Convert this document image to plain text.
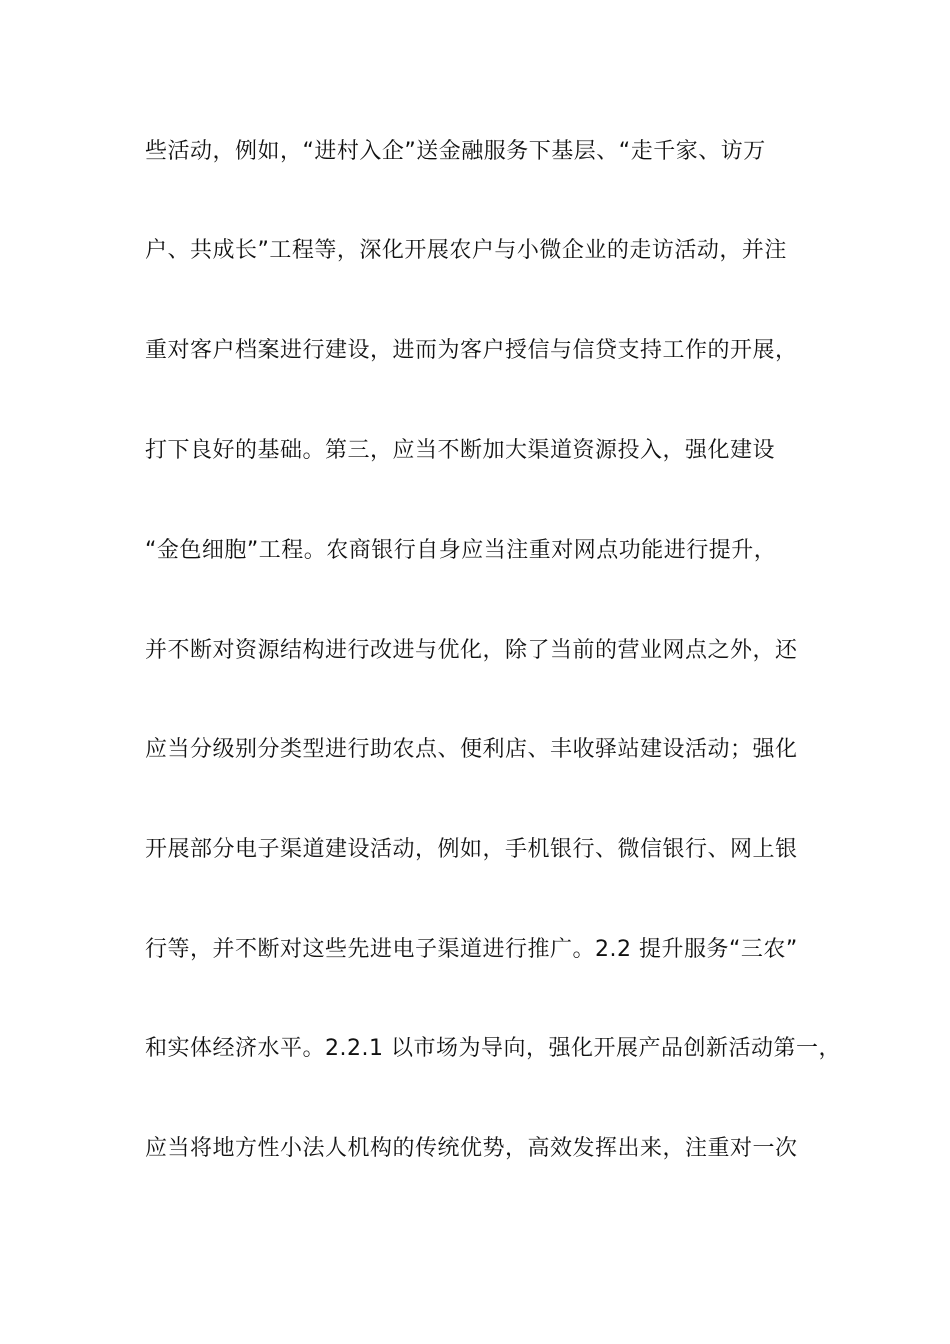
些活动，例如，“进村入企”送金融服务下基层、“走千家、访万
户、共成长”工程等，深化开展农户与小微企业的走访活动，并注
重对客户档案进行建设，进而为客户授信与信贷支持工作的开展，
打下良好的基础。第三，应当不断加大渠道资源投入，强化建设
“金色细胞”工程。农商银行自身应当注重对网点功能进行提升，
并不断对资源结构进行改进与优化，除了当前的营业网点之外，还
应当分级别分类型进行助农点、便利店、丰收驿站建设活动；强化
开展部分电子渠道建设活动，例如，手机银行、微信银行、网上银
行等，并不断对这些先进电子渠道进行推广。2.2 提升服务“三农”
和实体经济水平。2.2.1 以市场为导向，强化开展产品创新活动第一，
应当将地方性小法人机构的传统优势，高效发挥出来，注重对一次
